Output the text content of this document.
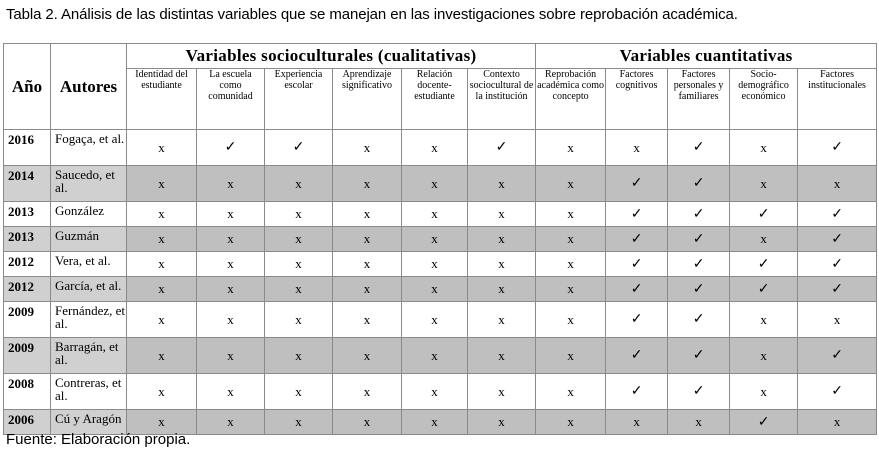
Tabla 2. Análisis de las distintas variables que se manejan en las investigaciones sobre reprobación académica.
Año	Autores	Variables socioculturales (cualitativas)						Variables cuantitativas				
		Identidad del estudiante	La escuela como comunidad	Experiencia escolar	Aprendizaje significativo	Relación docente-estudiante	Contexto sociocultural de la institución	Reprobación académica como concepto	Factores cognitivos	Factores personales y familiares	Socio-demográfico económico	Factores institucionales
2016	Fogaça, et al.	x	✓	✓	x	x	✓	x	x	✓	x	✓
2014	Saucedo, et al.	x	x	x	x	x	x	x	✓	✓	x	x
2013	González	x	x	x	x	x	x	x	✓	✓	✓	✓
2013	Guzmán	x	x	x	x	x	x	x	✓	✓	x	✓
2012	Vera, et al.	x	x	x	x	x	x	x	✓	✓	✓	✓
2012	García, et al.	x	x	x	x	x	x	x	✓	✓	✓	✓
2009	Fernández, et al.	x	x	x	x	x	x	x	✓	✓	x	x
2009	Barragán, et al.	x	x	x	x	x	x	x	✓	✓	x	✓
2008	Contreras, et al.	x	x	x	x	x	x	x	✓	✓	x	✓
2006	Cú y Aragón	x	x	x	x	x	x	x	x	x	✓	x
Fuente: Elaboración propia.
